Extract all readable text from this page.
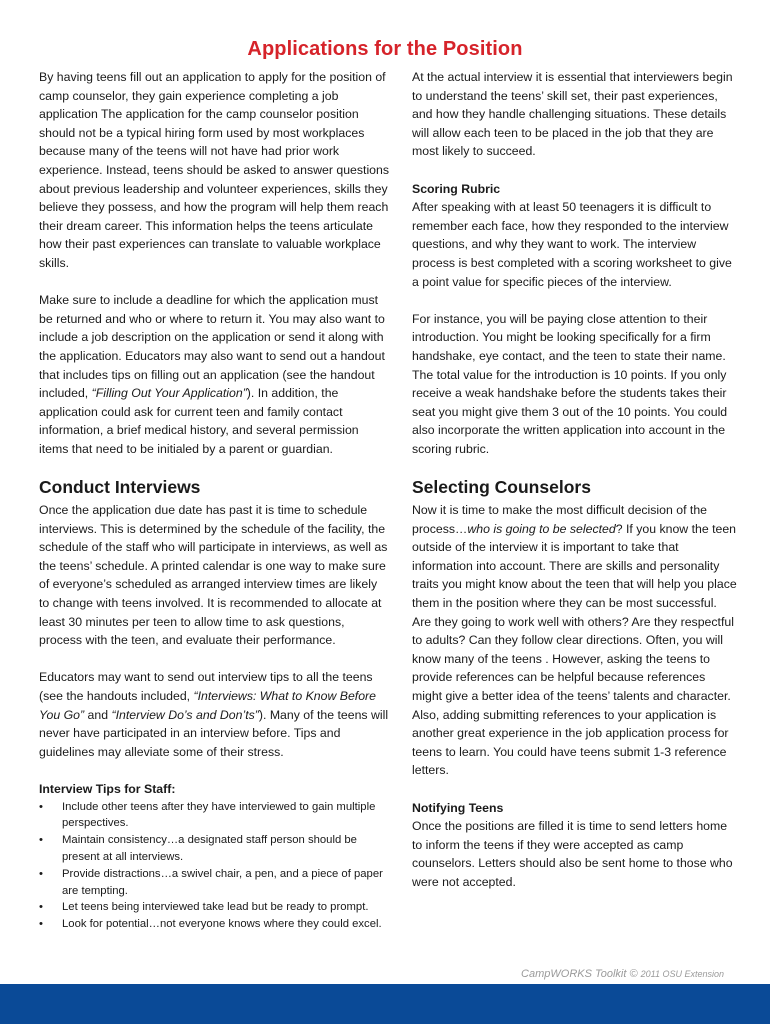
Applications for the Position

By having teens fill out an application to apply for the position of camp counselor, they gain experience completing a job application The application for the camp counselor position should not be a typical hiring form used by most workplaces because many of the teens will not have had prior work experience. Instead, teens should be asked to answer questions about previous leadership and volunteer experiences, skills they believe they possess, and how the program will help them reach their dream career. This information helps the teens articulate how their past experiences can translate to valuable workplace skills.

Make sure to include a deadline for which the application must be returned and who or where to return it. You may also want to include a job description on the application or send it along with the application. Educators may also want to send out a handout that includes tips on filling out an application (see the handout included, “Filling Out Your Application”). In addition, the application could ask for current teen and family contact information, a brief medical history, and several permission items that need to be initialed by a parent or guardian.

Conduct Interviews

Once the application due date has past it is time to schedule interviews. This is determined by the schedule of the facility, the schedule of the staff who will participate in interviews, as well as the teens’ schedule. A printed calendar is one way to make sure of everyone’s scheduled as arranged interview times are likely to change with teens involved. It is recommended to allocate at least 30 minutes per teen to allow time to ask questions, process with the teen, and evaluate their performance.

Educators may want to send out interview tips to all the teens (see the handouts included, “Interviews: What to Know Before You Go” and “Interview Do’s and Don’ts”). Many of the teens will never have participated in an interview before. Tips and guidelines may alleviate some of their stress.

Interview Tips for Staff:
• Include other teens after they have interviewed to gain multiple perspectives.
• Maintain consistency…a designated staff person should be present at all interviews.
• Provide distractions…a swivel chair, a pen, and a piece of paper are tempting.
• Let teens being interviewed take lead but be ready to prompt.
• Look for potential…not everyone knows where they could excel.

At the actual interview it is essential that interviewers begin to understand the teens’ skill set, their past experiences, and how they handle challenging situations. These details will allow each teen to be placed in the job that they are most likely to succeed.

Scoring Rubric

After speaking with at least 50 teenagers it is difficult to remember each face, how they responded to the interview questions, and why they want to work. The interview process is best completed with a scoring worksheet to give a point value for specific pieces of the interview.

For instance, you will be paying close attention to their introduction. You might be looking specifically for a firm handshake, eye contact, and the teen to state their name. The total value for the introduction is 10 points. If you only receive a weak handshake before the students takes their seat you might give them 3 out of the 10 points. You could also incorporate the written application into account in the scoring rubric.

Selecting Counselors

Now it is time to make the most difficult decision of the process…who is going to be selected? If you know the teen outside of the interview it is important to take that information into account. There are skills and personality traits you might know about the teen that will help you place them in the position where they can be most successful. Are they going to work well with others? Are they respectful to adults? Can they follow clear directions. Often, you will know many of the teens . However, asking the teens to provide references can be helpful because references might give a better idea of the teens’ talents and character. Also, adding submitting references to your application is another great experience in the job application process for teens to learn. You could have teens submit 1-3 reference letters.

Notifying Teens

Once the positions are filled it is time to send letters home to inform the teens if they were accepted as camp counselors. Letters should also be sent home to those who were not accepted.

CampWORKS Toolkit © 2011 OSU Extension
